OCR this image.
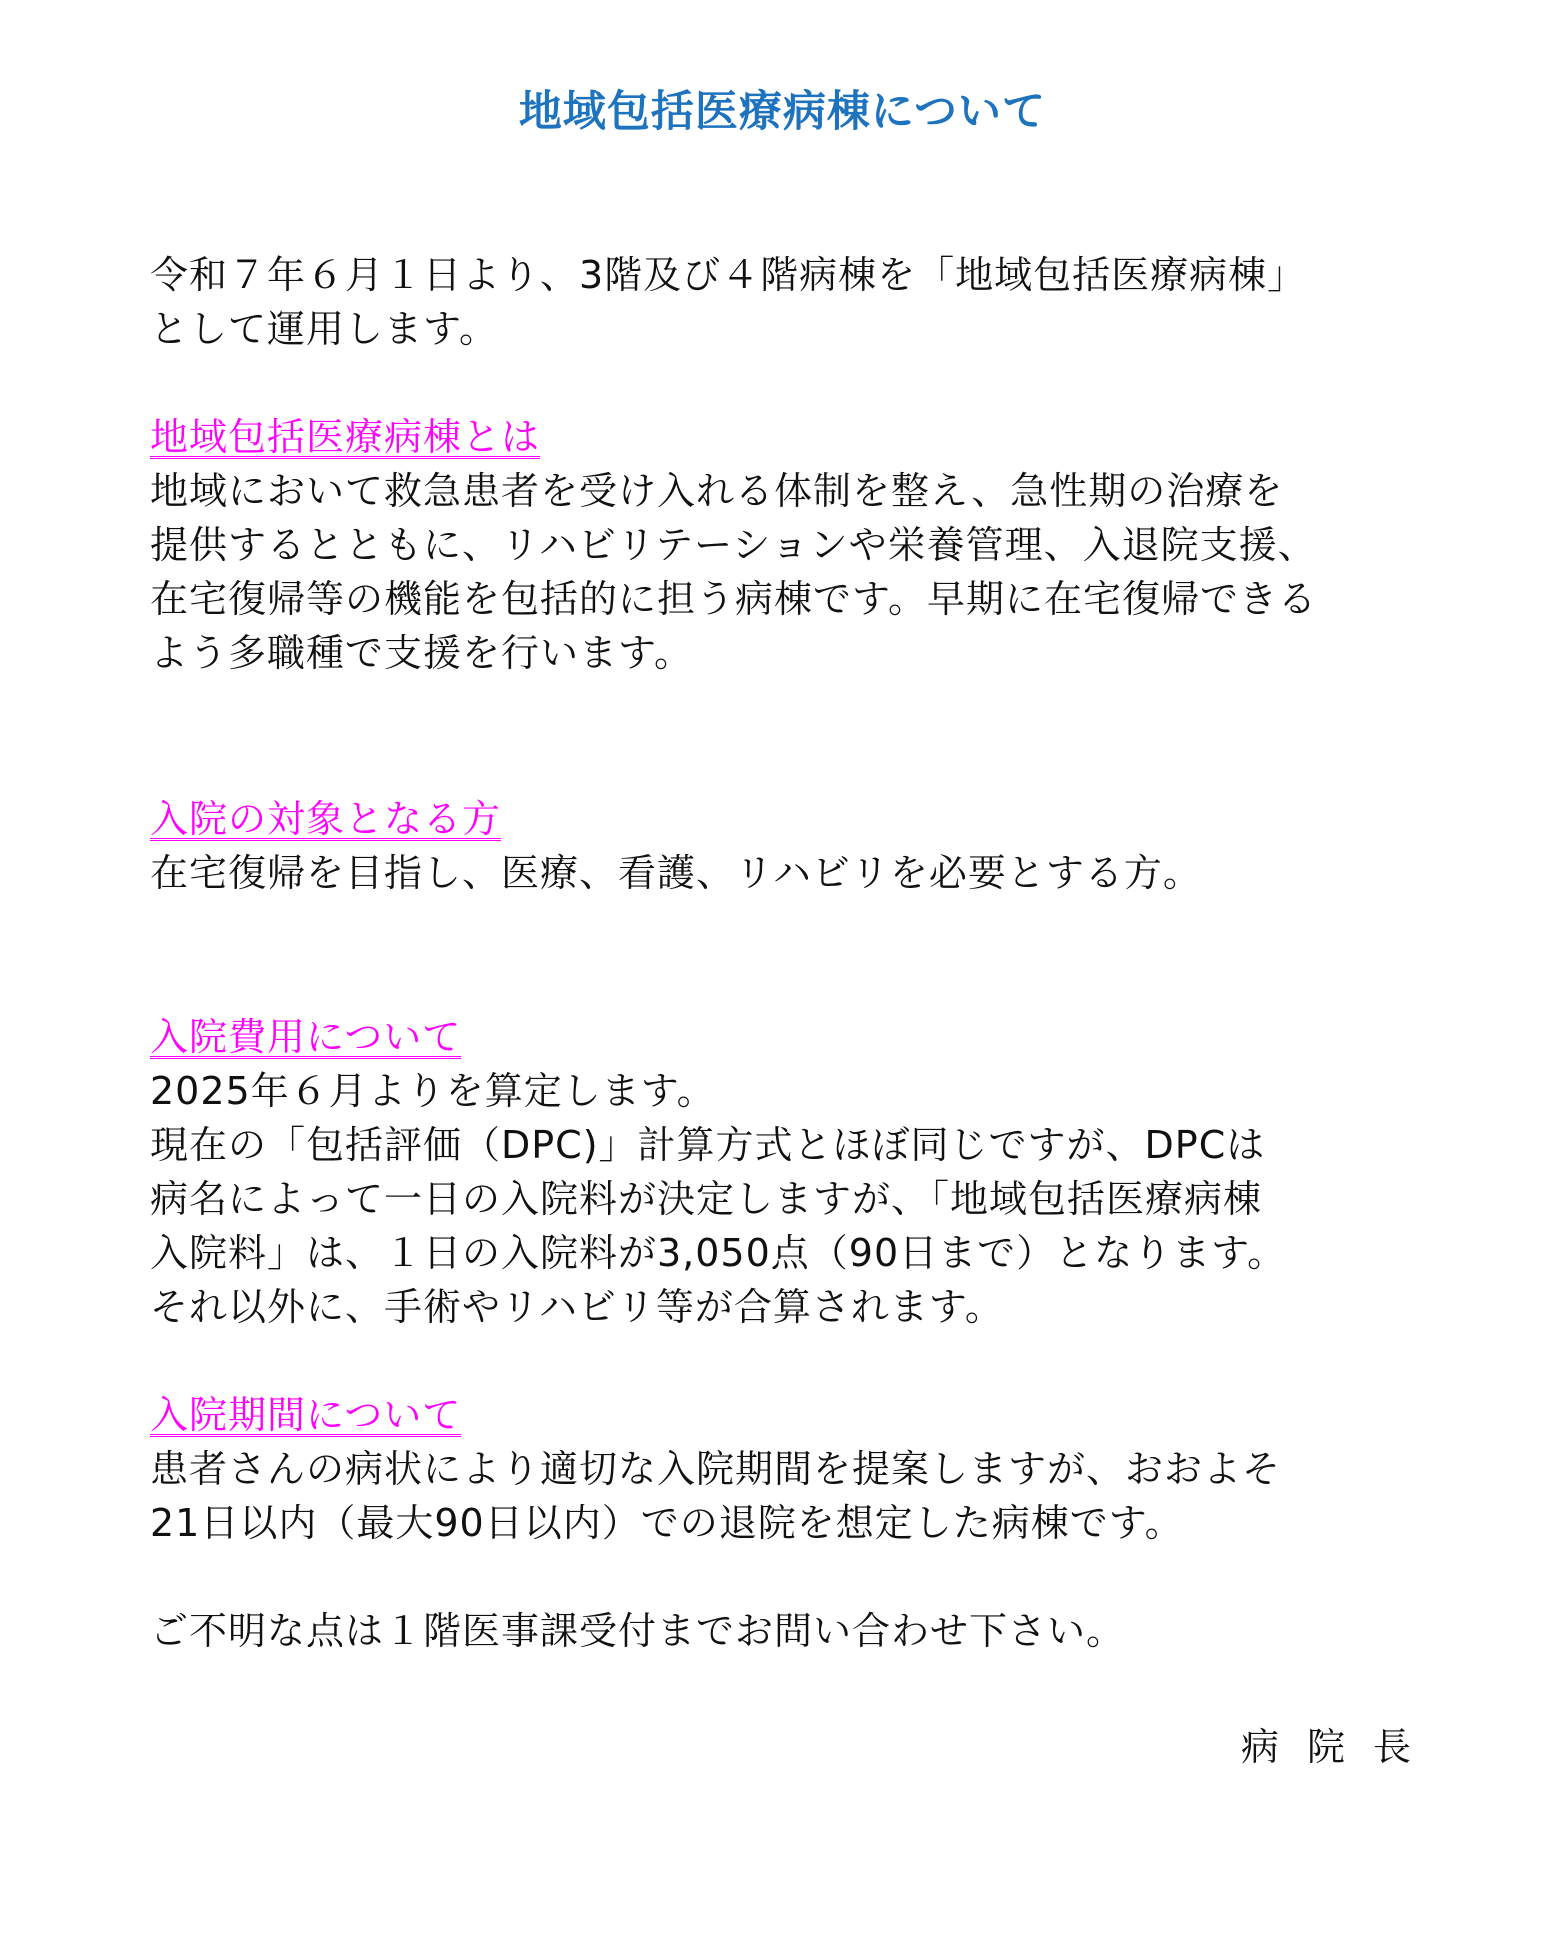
地域包括医療病棟について

令和７年６月１日より、3階及び４階病棟を「地域包括医療病棟」

として運用します。

地域包括医療病棟とは

地域において救急患者を受け入れる体制を整え、急性期の治療を

提供するとともに、リハビリテーションや栄養管理、入退院支援、

在宅復帰等の機能を包括的に担う病棟です。早期に在宅復帰できる

よう多職種で支援を行います。

入院の対象となる方

在宅復帰を目指し、医療、看護、リハビリを必要とする方。

入院費用について

2025年６月よりを算定します。

現在の「包括評価（DPC)」計算方式とほぼ同じですが、DPCは

病名によって一日の入院料が決定しますが、「地域包括医療病棟

入院料」は、１日の入院料が3,050点（90日まで）となります。

それ以外に、手術やリハビリ等が合算されます。

入院期間について

患者さんの病状により適切な入院期間を提案しますが、おおよそ

21日以内（最大90日以内）での退院を想定した病棟です。

ご不明な点は１階医事課受付までお問い合わせ下さい。

病院長
